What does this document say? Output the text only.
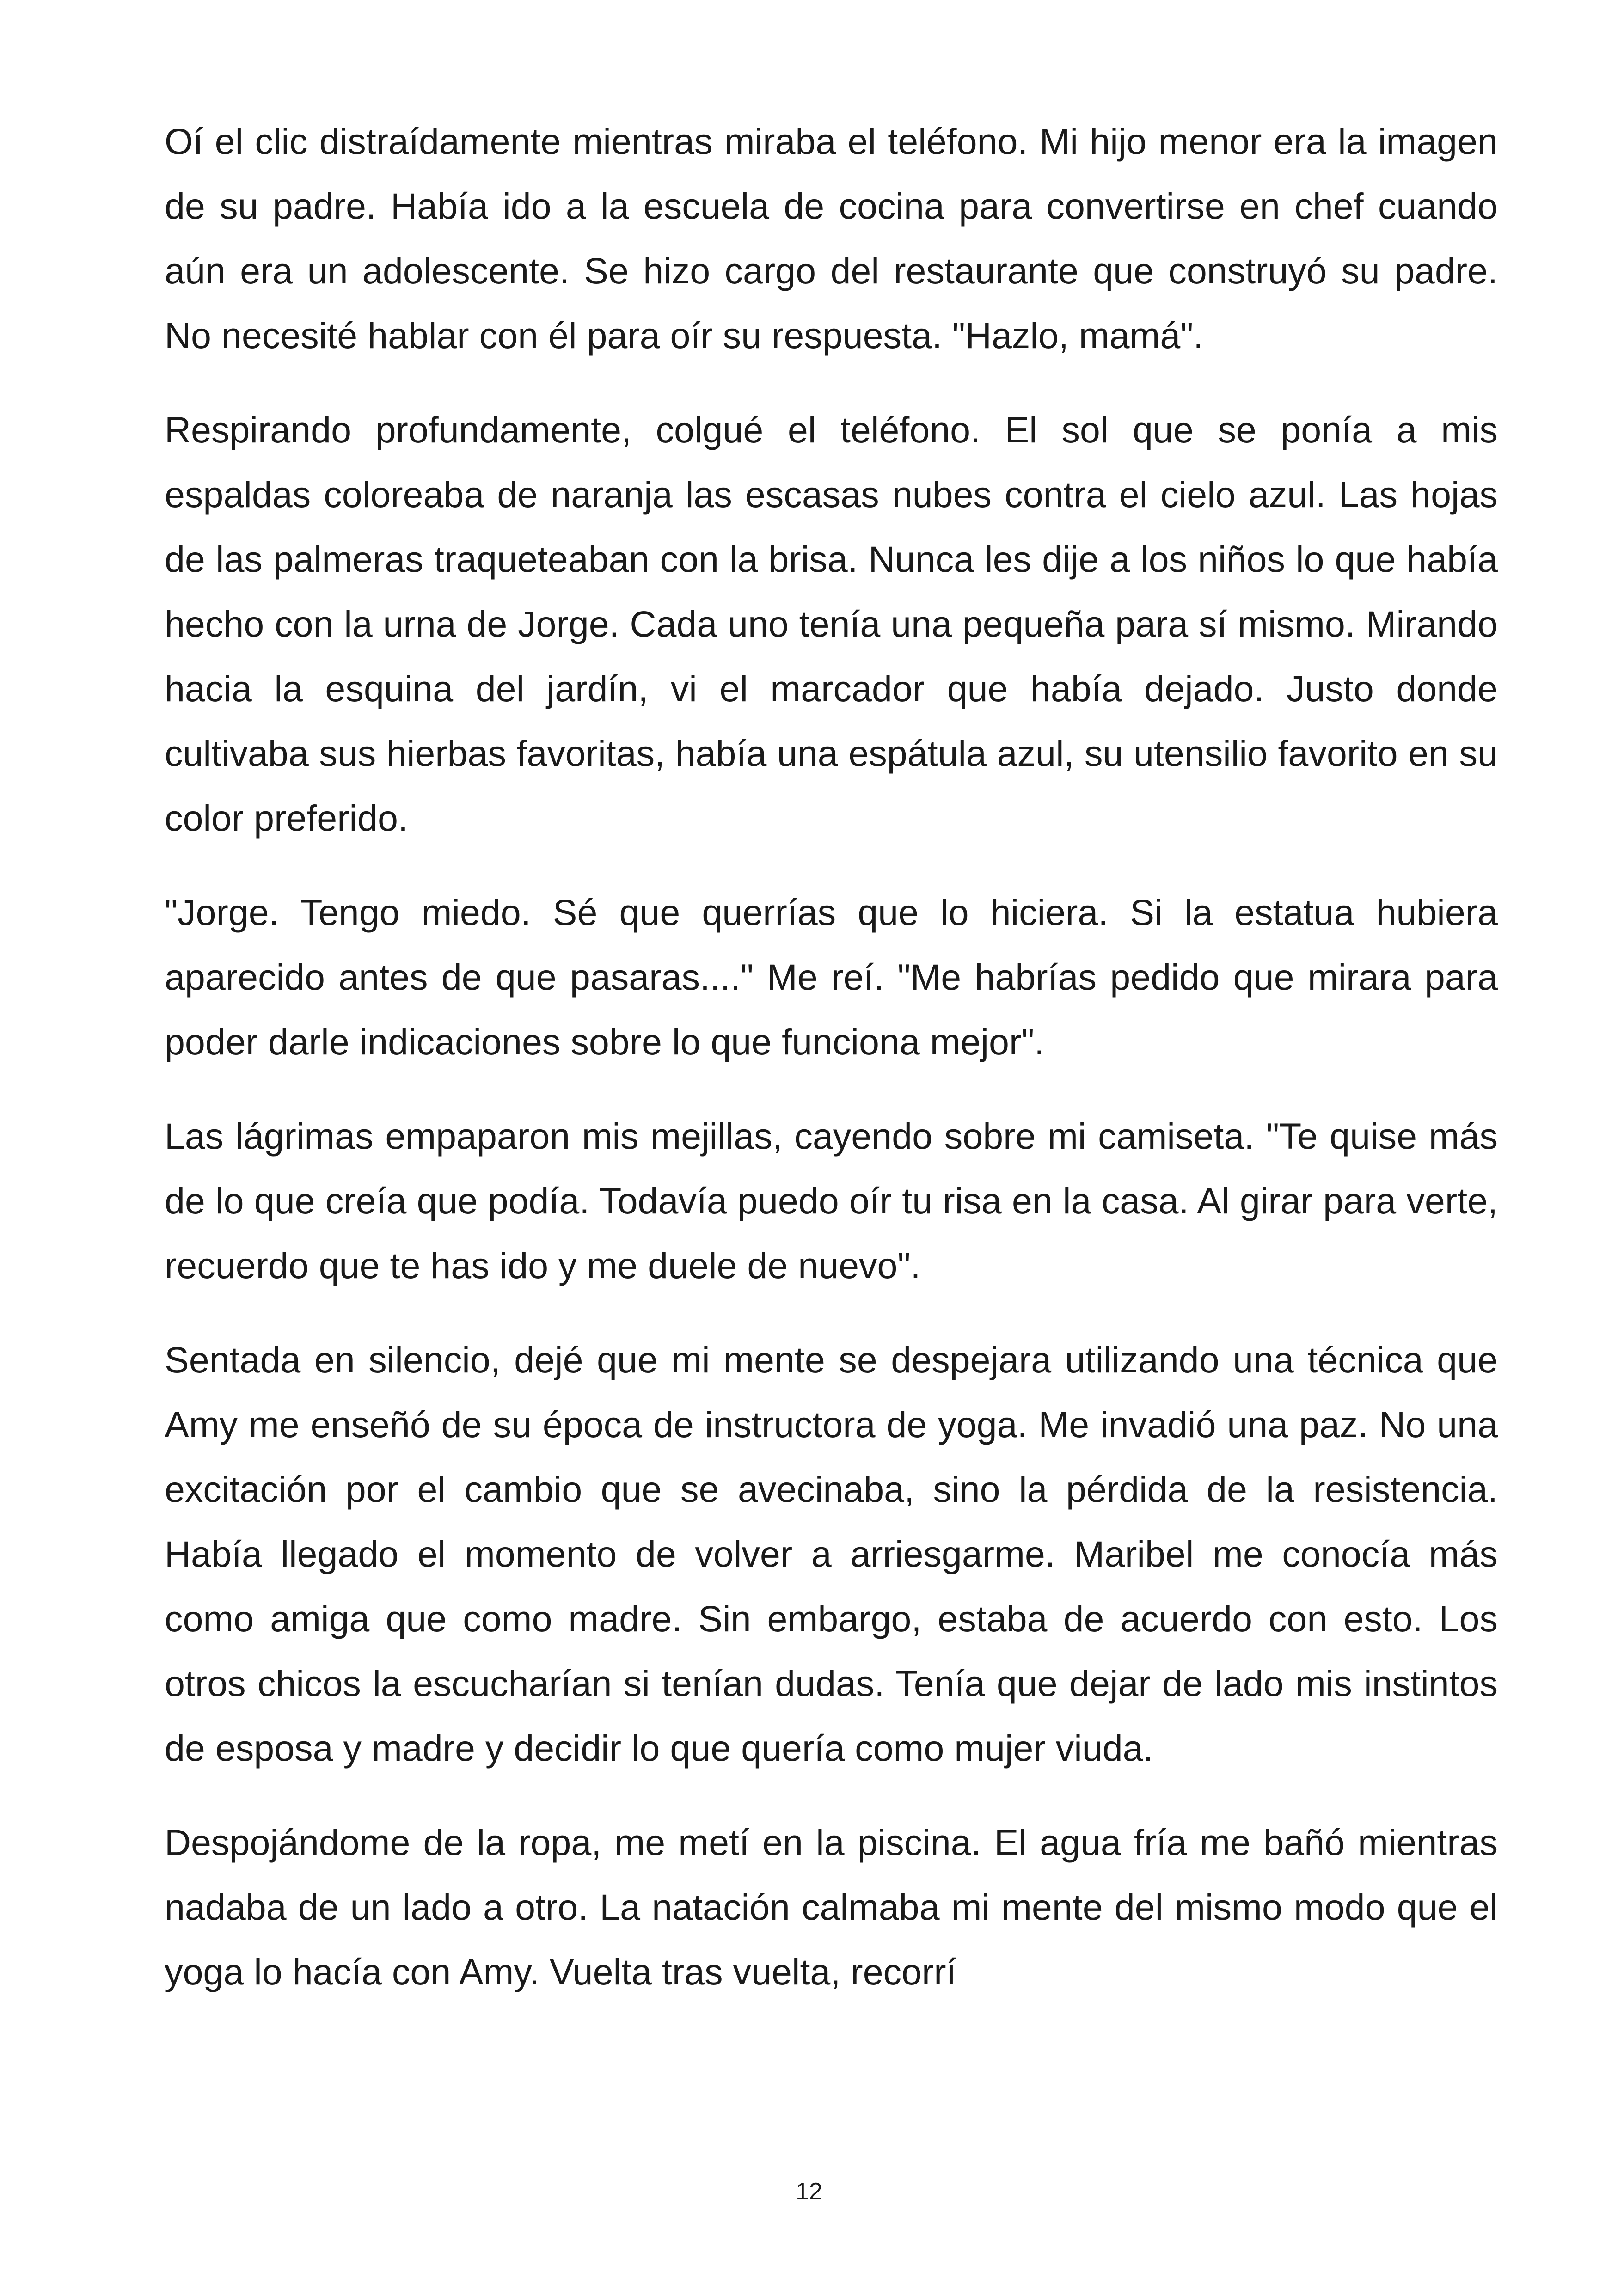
Oí el clic distraídamente mientras miraba el teléfono. Mi hijo menor era la imagen de su padre. Había ido a la escuela de cocina para convertirse en chef cuando aún era un adolescente. Se hizo cargo del restaurante que construyó su padre. No necesité hablar con él para oír su respuesta. "Hazlo, mamá".

Respirando profundamente, colgué el teléfono. El sol que se ponía a mis espaldas coloreaba de naranja las escasas nubes contra el cielo azul. Las hojas de las palmeras traqueteaban con la brisa. Nunca les dije a los niños lo que había hecho con la urna de Jorge. Cada uno tenía una pequeña para sí mismo. Mirando hacia la esquina del jardín, vi el marcador que había dejado. Justo donde cultivaba sus hierbas favoritas, había una espátula azul, su utensilio favorito en su color preferido.

"Jorge. Tengo miedo. Sé que querrías que lo hiciera. Si la estatua hubiera aparecido antes de que pasaras...." Me reí. "Me habrías pedido que mirara para poder darle indicaciones sobre lo que funciona mejor".

Las lágrimas empaparon mis mejillas, cayendo sobre mi camiseta. "Te quise más de lo que creía que podía. Todavía puedo oír tu risa en la casa. Al girar para verte, recuerdo que te has ido y me duele de nuevo".

Sentada en silencio, dejé que mi mente se despejara utilizando una técnica que Amy me enseñó de su época de instructora de yoga. Me invadió una paz. No una excitación por el cambio que se avecinaba, sino la pérdida de la resistencia. Había llegado el momento de volver a arriesgarme. Maribel me conocía más como amiga que como madre. Sin embargo, estaba de acuerdo con esto. Los otros chicos la escucharían si tenían dudas. Tenía que dejar de lado mis instintos de esposa y madre y decidir lo que quería como mujer viuda.

Despojándome de la ropa, me metí en la piscina. El agua fría me bañó mientras nadaba de un lado a otro. La natación calmaba mi mente del mismo modo que el yoga lo hacía con Amy. Vuelta tras vuelta, recorrí

12
